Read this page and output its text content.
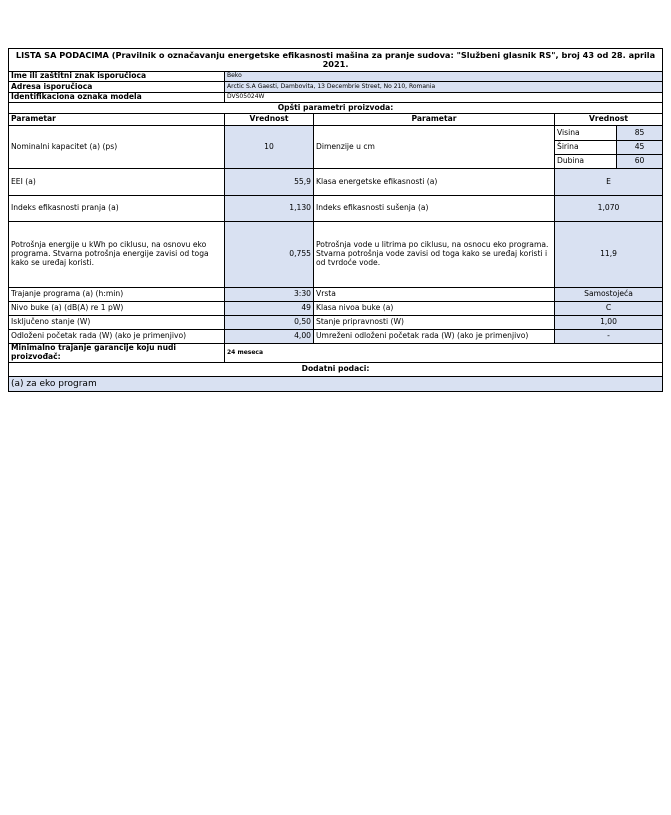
LISTA SA PODACIMA (Pravilnik o označavanju energetske efikasnosti mašina za pranje sudova: "Službeni glasnik RS", broj 43 od 28. aprila 2021.				
Ime ili zaštitni znak isporučioca	Beko			
Adresa isporučioca	Arctic S.A Gaesti, Dambovita, 13 Decembrie Street, No 210, Romania			
Identifikaciona oznaka modela	DVS05024W			
Opšti parametri proizvoda:				
Parametar	Vrednost	Parametar	Vrednost	
Nominalni kapacitet (a) (ps)	10	Dimenzije u cm	Visina	85
			Širina	45
			Dubina	60
EEI (a)	55,9	Klasa energetske efikasnosti (a)	E	
Indeks efikasnosti pranja (a)	1,130	Indeks efikasnosti sušenja (a)	1,070	
Potrošnja energije u kWh po ciklusu, na osnovu eko programa. Stvarna potrošnja energije zavisi od toga kako se uređaj koristi.	0,755	Potrošnja vode u litrima po ciklusu, na osnocu eko programa. Stvarna potrošnja vode zavisi od toga kako se uređaj koristi i od tvrdoće vode.	11,9	
Trajanje programa (a) (h:min)	3:30	Vrsta	Samostojeća	
Nivo buke (a) (dB(A) re 1 pW)	49	Klasa nivoa buke (a)	C	
Isključeno stanje (W)	0,50	Stanje pripravnosti (W)	1,00	
Odloženi početak rada (W) (ako je primenjivo)	4,00	Umreženi odloženi početak rada (W) (ako je primenjivo)	-	
Minimalno trajanje garancije koju nudi proizvođač:	24 meseca			
Dodatni podaci:				
(a) za eko program				
